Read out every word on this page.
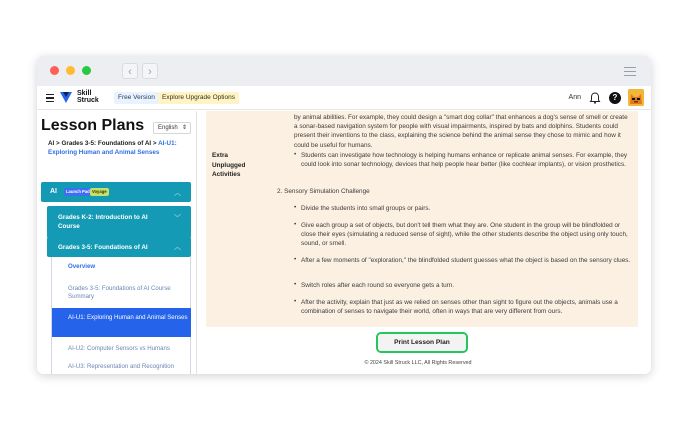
‹	›
Skill
Struck	Free Version	Explore Upgrade Options	Ann	?
Lesson Plans	English ⇕
AI > Grades 3-5: Foundations of AI > AI-U1:
Exploring Human and Animal Senses
AI	Launch Pad Voyage	︿
Grades K-2: Introduction to AI Course
﹀
Grades 3-5: Foundations of AI	︿
Overview
Grades 3-5: Foundations of AI Course Summary
AI-U1: Exploring Human and Animal Senses
AI-U2: Computer Sensors vs Humans
AI-U3: Representation and Recognition
by animal abilities. For example, they could design a "smart dog collar" that enhances a dog's sense of smell or create a sonar-based navigation system for people with visual impairments, inspired by bats and dolphins. Students could present their inventions to the class, explaining the science behind the animal sense they chose to mimic and how it could be useful for humans.
Extra
Unplugged
Activities
• Students can investigate how technology is helping humans enhance or replicate animal senses. For example, they could look into sonar technology, devices that help people hear better (like cochlear implants), or vision prosthetics.
2. Sensory Simulation Challenge
• Divide the students into small groups or pairs.
• Give each group a set of objects, but don't tell them what they are. One student in the group will be blindfolded or close their eyes (simulating a reduced sense of sight), while the other students describe the object using only touch, sound, or smell.
• After a few moments of "exploration," the blindfolded student guesses what the object is based on the sensory clues.
• Switch roles after each round so everyone gets a turn.
• After the activity, explain that just as we relied on senses other than sight to figure out the objects, animals use a combination of senses to navigate their world, often in ways that are very different from ours.
Print Lesson Plan
© 2024 Skill Struck LLC, All Rights Reserved
